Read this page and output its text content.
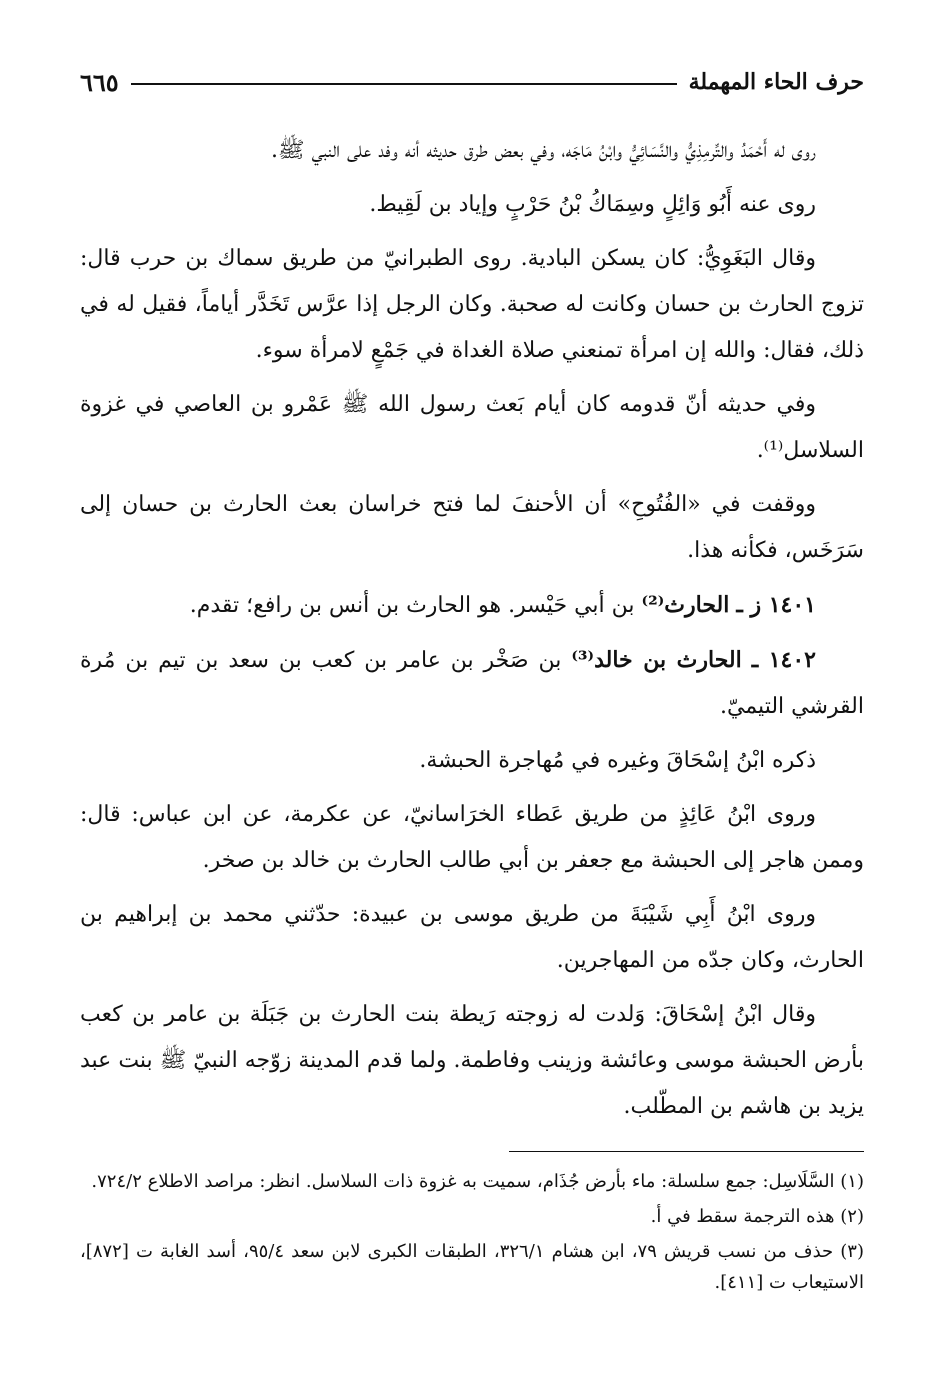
حرف الحاء المهملة
٦٦٥

روى له أَحْمَدُ والتِّرمِذِيُّ والنَّسَائِيُّ وابْنُ مَاجَه، وفي بعض طرق حديثه أنه وفد على النبي ﷺ.

روى عنه أَبُو وَائِلٍ وسِمَاكُ بْنُ حَرْبٍ وإياد بن لَقِيط.

وقال البَغَوِيُّ: كان يسكن البادية. روى الطبرانيّ من طريق سماك بن حرب قال: تزوج الحارث بن حسان وكانت له صحبة. وكان الرجل إذا عرَّس تَخَدَّر أياماً، فقيل له في ذلك، فقال: والله إن امرأة تمنعني صلاة الغداة في جَمْعٍ لامرأة سوء.

وفي حديثه أنّ قدومه كان أيام بَعث رسول الله ﷺ عَمْرو بن العاصي في غزوة السلاسل⁽¹⁾.

ووقفت في «الفُتُوحِ» أن الأحنفَ لما فتح خراسان بعث الحارث بن حسان إلى سَرَخَس، فكأنه هذا.

١٤٠١ ز ـ الحارث⁽²⁾ بن أبي حَيْسر. هو الحارث بن أنس بن رافع؛ تقدم.

١٤٠٢ ـ الحارث بن خالد⁽³⁾ بن صَخْر بن عامر بن كعب بن سعد بن تيم بن مُرة القرشي التيميّ.

ذكره ابْنُ إسْحَاقَ وغيره في مُهاجرة الحبشة.

وروى ابْنُ عَائِذٍ من طريق عَطاء الخرَاسانيّ، عن عكرمة، عن ابن عباس: قال: وممن هاجر إلى الحبشة مع جعفر بن أبي طالب الحارث بن خالد بن صخر.

وروى ابْنُ أَبِي شَيْبَةَ من طريق موسى بن عبيدة: حدّثني محمد بن إبراهيم بن الحارث، وكان جدّه من المهاجرين.

وقال ابْنُ إسْحَاقَ: وَلدت له زوجته رَيطة بنت الحارث بن جَبَلَة بن عامر بن كعب بأرض الحبشة موسى وعائشة وزينب وفاطمة. ولما قدم المدينة زوّجه النبيّ ﷺ بنت عبد يزيد بن هاشم بن المطّلب.

(١) السَّلَاسِل: جمع سلسلة: ماء بأرض جُذَام، سميت به غزوة ذات السلاسل. انظر: مراصد الاطلاع ٧٢٤/٢.

(٢) هذه الترجمة سقط في أ.

(٣) حذف من نسب قريش ٧٩، ابن هشام ٣٢٦/١، الطبقات الكبرى لابن سعد ٩٥/٤، أسد الغابة ت [٨٧٢]، الاستيعاب ت [٤١١].
